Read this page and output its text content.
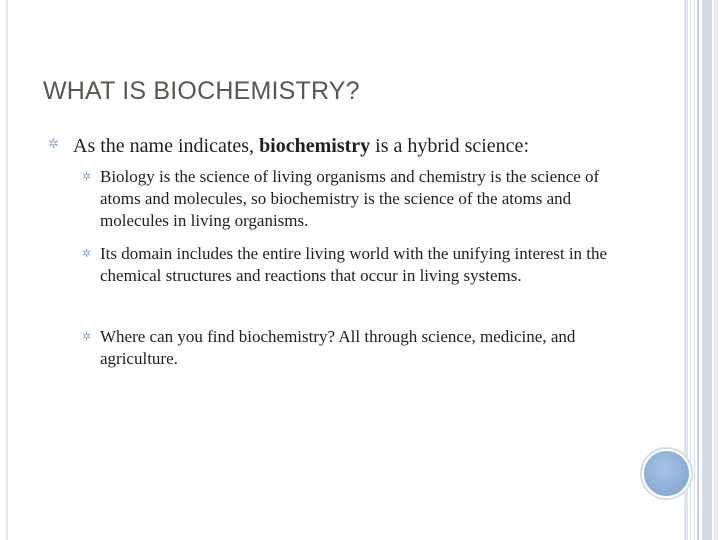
WHAT IS BIOCHEMISTRY?
✲ As the name indicates, biochemistry is a hybrid science:
✲ Biology is the science of living organisms and chemistry is the science of atoms and molecules, so biochemistry is the science of the atoms and molecules in living organisms.
✲ Its domain includes the entire living world with the unifying interest in the chemical structures and reactions that occur in living systems.
✲ Where can you find biochemistry? All through science, medicine, and agriculture.
